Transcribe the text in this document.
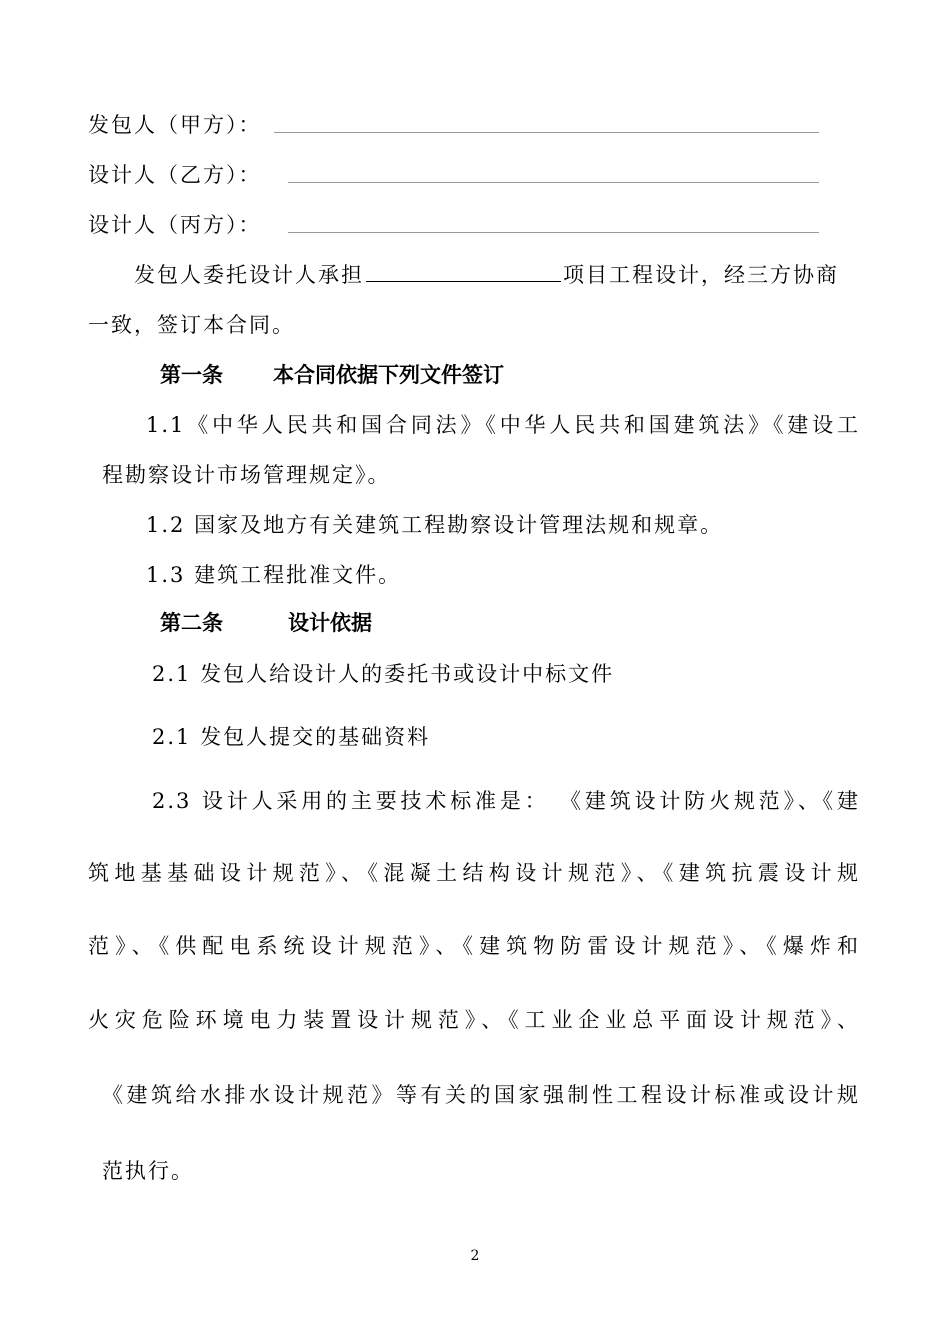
发包人（甲方）：
设计人（乙方）：
设计人（丙方）：
发包人委托设计人承担	项目工程设计，经三方协商
一致，签订本合同。
第一条 本合同依据下列文件签订
1.1《中华人民共和国合同法》《中华人民共和国建筑法》《建设工
程勘察设计市场管理规定》。
1.2 国家及地方有关建筑工程勘察设计管理法规和规章。
1.3 建筑工程批准文件。
第二条	设计依据
2.1 发包人给设计人的委托书或设计中标文件
2.1 发包人提交的基础资料
2.3 设计人采用的主要技术标准是： 《建筑设计防火规范》、《建
筑地基基础设计规范》、《混凝土结构设计规范》、《建筑抗震设计规
范》、《供配电系统设计规范》、《建筑物防雷设计规范》、《爆炸和
火灾危险环境电力装置设计规范》、《工业企业总平面设计规范》、
《建筑给水排水设计规范》等有关的国家强制性工程设计标准或设计规
范执行。
2
